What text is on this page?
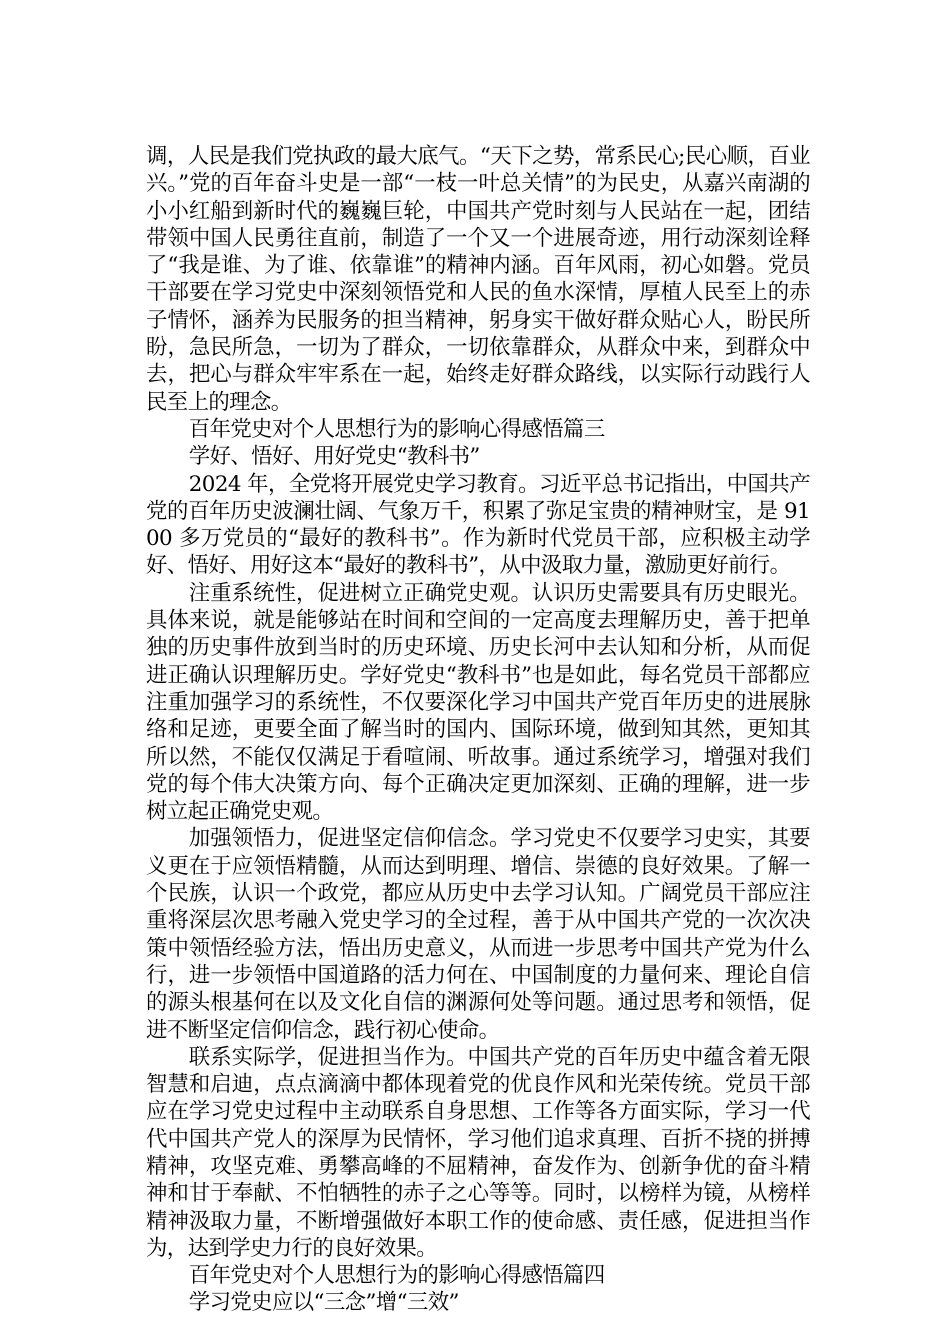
调，人民是我们党执政的最大底气。“天下之势，常系民心;民心顺，百业兴。”党的百年奋斗史是一部“一枝一叶总关情”的为民史，从嘉兴南湖的小小红船到新时代的巍巍巨轮，中国共产党时刻与人民站在一起，团结带领中国人民勇往直前，制造了一个又一个进展奇迹，用行动深刻诠释了“我是谁、为了谁、依靠谁”的精神内涵。百年风雨，初心如磐。党员干部要在学习党史中深刻领悟党和人民的鱼水深情，厚植人民至上的赤子情怀，涵养为民服务的担当精神，躬身实干做好群众贴心人，盼民所盼，急民所急，一切为了群众，一切依靠群众，从群众中来，到群众中去，把心与群众牢牢系在一起，始终走好群众路线，以实际行动践行人民至上的理念。

百年党史对个人思想行为的影响心得感悟篇三

学好、悟好、用好党史“教科书”

2024 年，全党将开展党史学习教育。习近平总书记指出，中国共产党的百年历史波澜壮阔、气象万千，积累了弥足宝贵的精神财宝，是 9100 多万党员的“最好的教科书”。作为新时代党员干部，应积极主动学好、悟好、用好这本“最好的教科书”，从中汲取力量，激励更好前行。

注重系统性，促进树立正确党史观。认识历史需要具有历史眼光。具体来说，就是能够站在时间和空间的一定高度去理解历史，善于把单独的历史事件放到当时的历史环境、历史长河中去认知和分析，从而促进正确认识理解历史。学好党史“教科书”也是如此，每名党员干部都应注重加强学习的系统性，不仅要深化学习中国共产党百年历史的进展脉络和足迹，更要全面了解当时的国内、国际环境，做到知其然，更知其所以然，不能仅仅满足于看喧闹、听故事。通过系统学习，增强对我们党的每个伟大决策方向、每个正确决定更加深刻、正确的理解，进一步树立起正确党史观。

加强领悟力，促进坚定信仰信念。学习党史不仅要学习史实，其要义更在于应领悟精髓，从而达到明理、增信、崇德的良好效果。了解一个民族，认识一个政党，都应从历史中去学习认知。广阔党员干部应注重将深层次思考融入党史学习的全过程，善于从中国共产党的一次次决策中领悟经验方法，悟出历史意义，从而进一步思考中国共产党为什么行，进一步领悟中国道路的活力何在、中国制度的力量何来、理论自信的源头根基何在以及文化自信的渊源何处等问题。通过思考和领悟，促进不断坚定信仰信念，践行初心使命。

联系实际学，促进担当作为。中国共产党的百年历史中蕴含着无限智慧和启迪，点点滴滴中都体现着党的优良作风和光荣传统。党员干部应在学习党史过程中主动联系自身思想、工作等各方面实际，学习一代代中国共产党人的深厚为民情怀，学习他们追求真理、百折不挠的拼搏精神，攻坚克难、勇攀高峰的不屈精神，奋发作为、创新争优的奋斗精神和甘于奉献、不怕牺牲的赤子之心等等。同时，以榜样为镜，从榜样精神汲取力量，不断增强做好本职工作的使命感、责任感，促进担当作为，达到学史力行的良好效果。

百年党史对个人思想行为的影响心得感悟篇四

学习党史应以“三念”增“三效”
